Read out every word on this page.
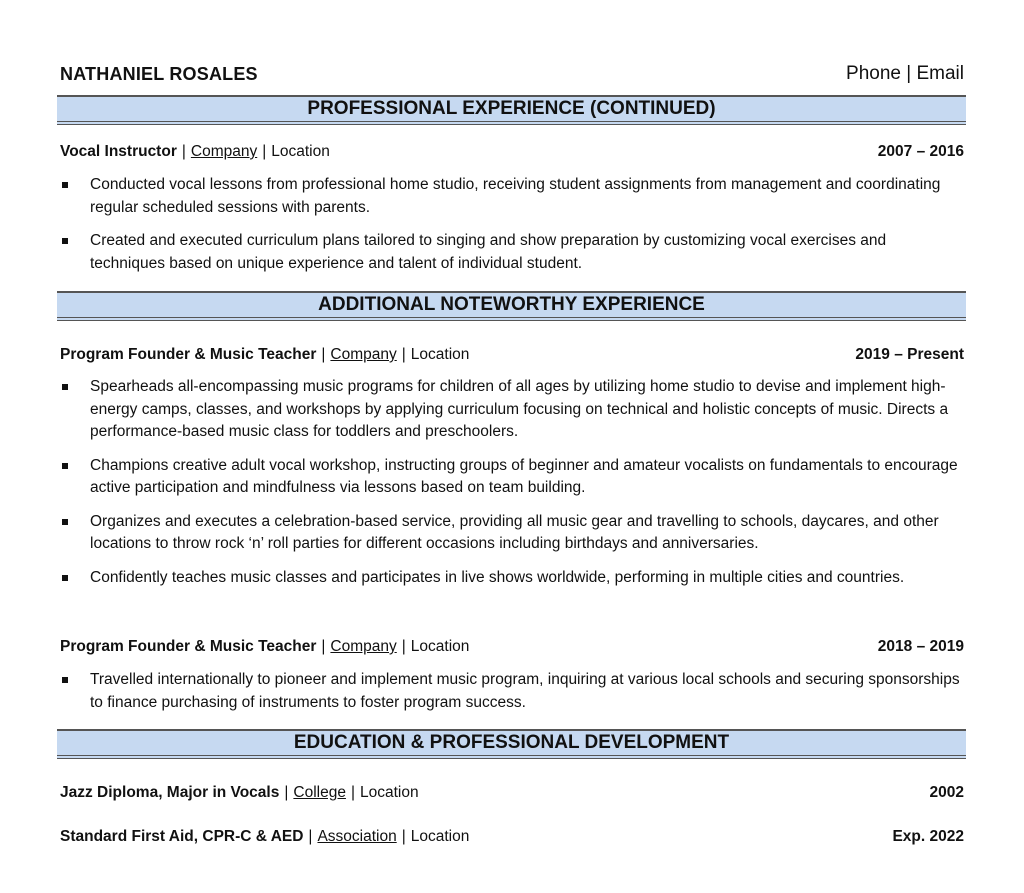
NATHANIEL ROSALES	Phone | Email
PROFESSIONAL EXPERIENCE (CONTINUED)
Vocal Instructor | Company | Location	2007 – 2016
Conducted vocal lessons from professional home studio, receiving student assignments from management and coordinating regular scheduled sessions with parents.
Created and executed curriculum plans tailored to singing and show preparation by customizing vocal exercises and techniques based on unique experience and talent of individual student.
ADDITIONAL NOTEWORTHY EXPERIENCE
Program Founder & Music Teacher | Company | Location	2019 – Present
Spearheads all-encompassing music programs for children of all ages by utilizing home studio to devise and implement high-energy camps, classes, and workshops by applying curriculum focusing on technical and holistic concepts of music. Directs a performance-based music class for toddlers and preschoolers.
Champions creative adult vocal workshop, instructing groups of beginner and amateur vocalists on fundamentals to encourage active participation and mindfulness via lessons based on team building.
Organizes and executes a celebration-based service, providing all music gear and travelling to schools, daycares, and other locations to throw rock ‘n’ roll parties for different occasions including birthdays and anniversaries.
Confidently teaches music classes and participates in live shows worldwide, performing in multiple cities and countries.
Program Founder & Music Teacher | Company | Location	2018 – 2019
Travelled internationally to pioneer and implement music program, inquiring at various local schools and securing sponsorships to finance purchasing of instruments to foster program success.
EDUCATION & PROFESSIONAL DEVELOPMENT
Jazz Diploma, Major in Vocals | College | Location	2002
Standard First Aid, CPR-C & AED | Association | Location	Exp. 2022
